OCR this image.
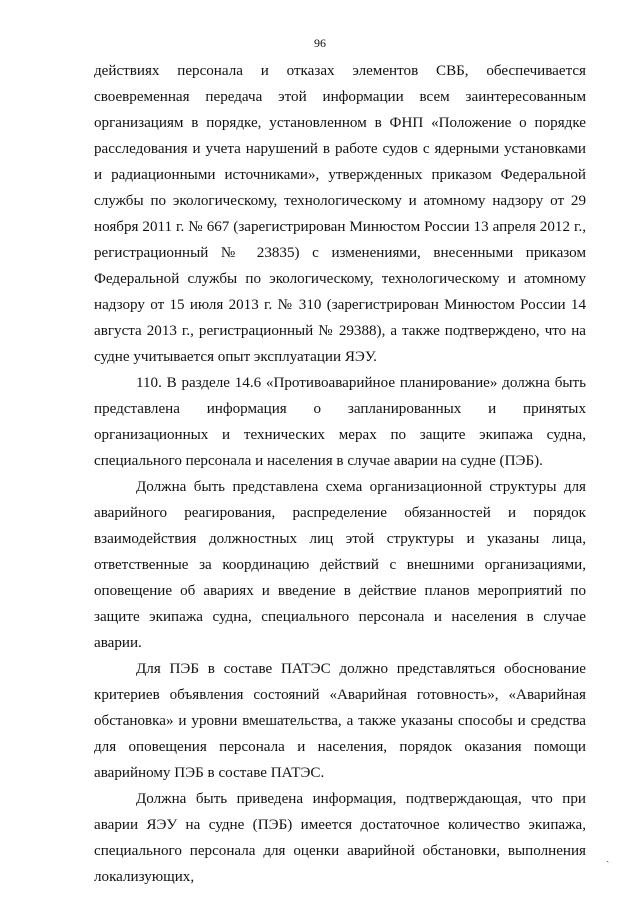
96

действиях персонала и отказах элементов СВБ, обеспечивается своевременная передача этой информации всем заинтересованным организациям в порядке, установленном в ФНП «Положение о порядке расследования и учета нарушений в работе судов с ядерными установками и радиационными источниками», утвержденных приказом Федеральной службы по экологическому, технологическому и атомному надзору от 29 ноября 2011 г. № 667 (зарегистрирован Минюстом России 13 апреля 2012 г., регистрационный № 23835) с изменениями, внесенными приказом Федеральной службы по экологическому, технологическому и атомному надзору от 15 июля 2013 г. № 310 (зарегистрирован Минюстом России 14 августа 2013 г., регистрационный № 29388), а также подтверждено, что на судне учитывается опыт эксплуатации ЯЭУ.

110. В разделе 14.6 «Противоаварийное планирование» должна быть представлена информация о запланированных и принятых организационных и технических мерах по защите экипажа судна, специального персонала и населения в случае аварии на судне (ПЭБ).

Должна быть представлена схема организационной структуры для аварийного реагирования, распределение обязанностей и порядок взаимодействия должностных лиц этой структуры и указаны лица, ответственные за координацию действий с внешними организациями, оповещение об авариях и введение в действие планов мероприятий по защите экипажа судна, специального персонала и населения в случае аварии.

Для ПЭБ в составе ПАТЭС должно представляться обоснование критериев объявления состояний «Аварийная готовность», «Аварийная обстановка» и уровни вмешательства, а также указаны способы и средства для оповещения персонала и населения, порядок оказания помощи аварийному ПЭБ в составе ПАТЭС.

Должна быть приведена информация, подтверждающая, что при аварии ЯЭУ на судне (ПЭБ) имеется достаточное количество экипажа, специального персонала для оценки аварийной обстановки, выполнения локализующих,

ˎ
